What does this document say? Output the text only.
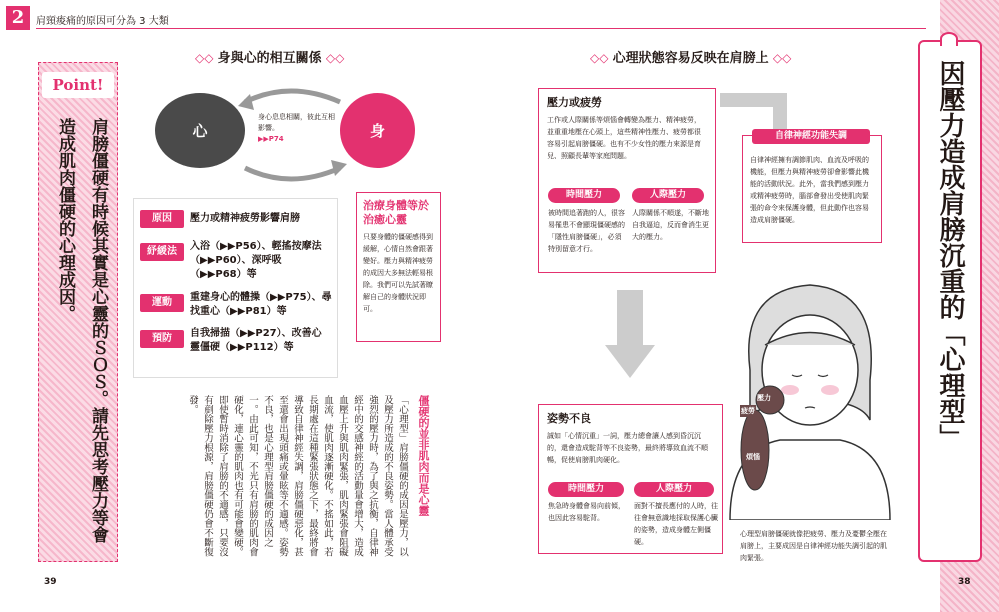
2	肩頸痠痛的原因可分為 3 大類
◇◇ 身與心的相互關係 ◇◇
Point!
肩膀僵硬有時候其實是心靈的ＳＯＳ。請先思考壓力等會造成肌肉僵硬的心理成因。	心	身
身心息息相關，彼此互相影響。
▶▶P74
原因	壓力或精神疲勞影響肩膀
紓緩法	入浴（▶▶P56）、輕搖按摩法（▶▶P60）、深呼吸（▶▶P68）等
運動	重建身心的體操（▶▶P75）、尋找重心（▶▶P81）等
預防	自我掃描（▶▶P27）、改善心靈僵硬（▶▶P112）等
治療身體等於治癒心靈
只要身體的僵硬感得到緩解，心情自然會跟著變好。壓力與精神疲勞的成因大多無法輕易根除。我們可以先試著瞭解自己的身體狀況即可。
僵硬的並非肌肉而是心靈
「心理型」肩膀僵硬的成因是壓力，以及壓力所造成的不良姿勢。當人體承受強烈的壓力時，為了與之抗衡，自律神經中的交感神經的活動量會增大，造成血壓上升與肌肉緊張，肌肉緊張會阻礙血流，使肌肉逐漸硬化。不搖如此，若長期處在這種緊張狀態之下，最終將會導致自律神經失調，肩膀僵硬惡化，甚至還會出現頭痛或暈眩等不適感。姿勢不良，也是心理型肩膀僵硬的成因之一。由此可知，不光只有肩膀的肌肉會硬化，連心靈的肌肉也有可能會變硬。即使暫時消除了肩膀的不適感，只要沒有剷除壓力根源，肩膀僵硬仍會不斷復發。
39
◇◇ 心理狀態容易反映在肩膀上 ◇◇
壓力或疲勞
工作或人際關係等煩惱會轉變為壓力、精神疲勞，並重重地壓在心頭上，這些精神性壓力、疲勞都很容易引起肩膀僵硬。也有不少女性的壓力來源是育兒、照顧長輩等家庭問題。
時間壓力	人際壓力
被時間追著跑的人，很容易罹患不會顯現僵硬感的「隱性肩膀僵硬」，必須特別留意才行。
人際關係不順遂，不斷地自我逼迫，反而會消生更大的壓力。
自律神經擁有調節肌肉、血流及呼吸的機能，但壓力與精神疲勞卻會影響此機能的活動狀況。此外，當我們感到壓力或精神疲勞時，腦部會發出受使肌肉緊張的命令來保護身體，但此動作也容易造成肩膀僵硬。
自律神經功能失調
姿勢不良
誠如「心情沉重」一詞，壓力總會讓人感到昏沉沉的，還會造成駝背等不良姿勢，最終將導致血流不順暢，促使肩膀肌肉硬化。
時間壓力	人際壓力
焦急時身體會易向前傾，也因此容易駝背。
面對不擅長應付的人時，往往會無意識地採取保護心臟的姿勢，造成身體左側僵硬。
壓力
疲勞
煩惱
心理型肩膀僵硬就像把疲勞、壓力及憂鬱全壓在肩膀上，主要成因是自律神經功能失調引起的肌肉緊張。
因壓力造成肩膀沉重的「心理型」
38
